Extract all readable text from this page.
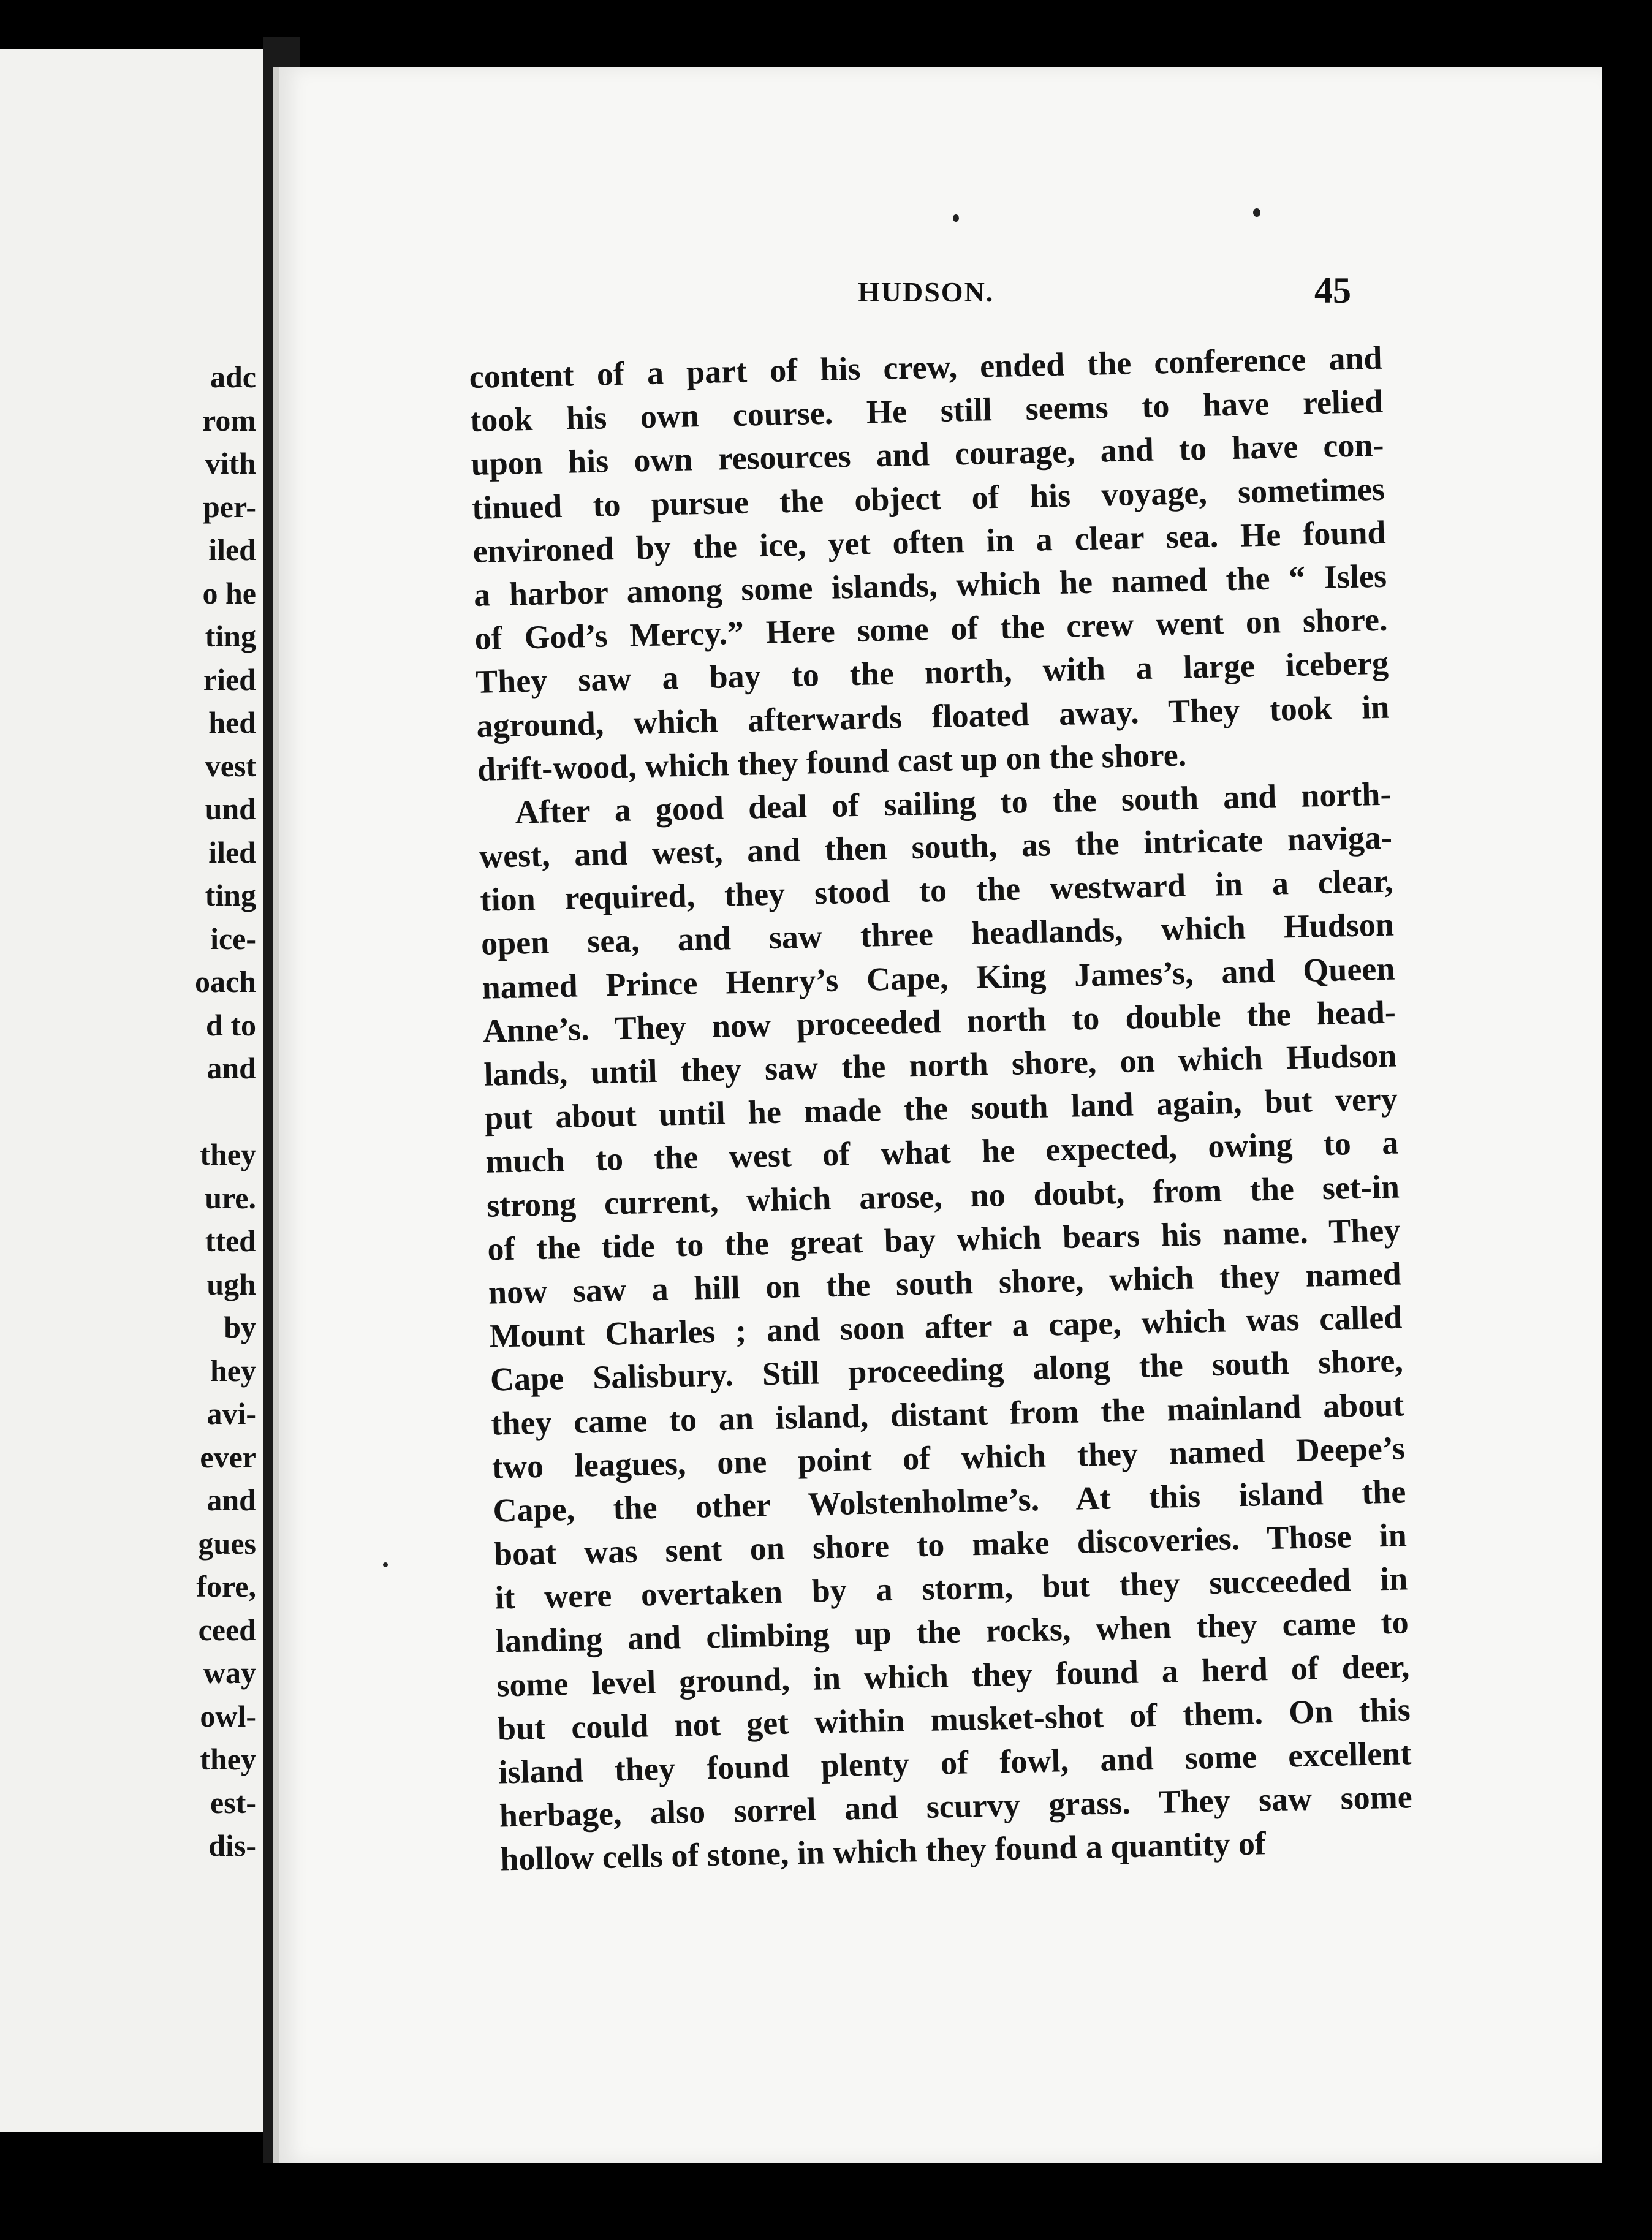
adc
rom
vith
per-
iled
o he
ting
ried
hed
vest
und
iled
ting
ice-
oach
d to
and
they
ure.
tted
ugh
by
hey
avi-
ever
and
gues
fore,
ceed
way
owl-
they
est-
dis-
HUDSON.	45
content of a part of his crew, ended the conference and
took his own course. He still seems to have relied
upon his own resources and courage, and to have con-
tinued to pursue the object of his voyage, sometimes
environed by the ice, yet often in a clear sea. He found
a harbor among some islands, which he named the “ Isles
of God’s Mercy.” Here some of the crew went on shore.
They saw a bay to the north, with a large iceberg
aground, which afterwards floated away. They took in
drift-wood, which they found cast up on the shore.
After a good deal of sailing to the south and north-
west, and west, and then south, as the intricate naviga-
tion required, they stood to the westward in a clear,
open sea, and saw three headlands, which Hudson
named Prince Henry’s Cape, King James’s, and Queen
Anne’s. They now proceeded north to double the head-
lands, until they saw the north shore, on which Hudson
put about until he made the south land again, but very
much to the west of what he expected, owing to a
strong current, which arose, no doubt, from the set-in
of the tide to the great bay which bears his name. They
now saw a hill on the south shore, which they named
Mount Charles ; and soon after a cape, which was called
Cape Salisbury. Still proceeding along the south shore,
they came to an island, distant from the mainland about
two leagues, one point of which they named Deepe’s
Cape, the other Wolstenholme’s. At this island the
boat was sent on shore to make discoveries. Those in
it were overtaken by a storm, but they succeeded in
landing and climbing up the rocks, when they came to
some level ground, in which they found a herd of deer,
but could not get within musket-shot of them. On this
island they found plenty of fowl, and some excellent
herbage, also sorrel and scurvy grass. They saw some
hollow cells of stone, in which they found a quantity of
